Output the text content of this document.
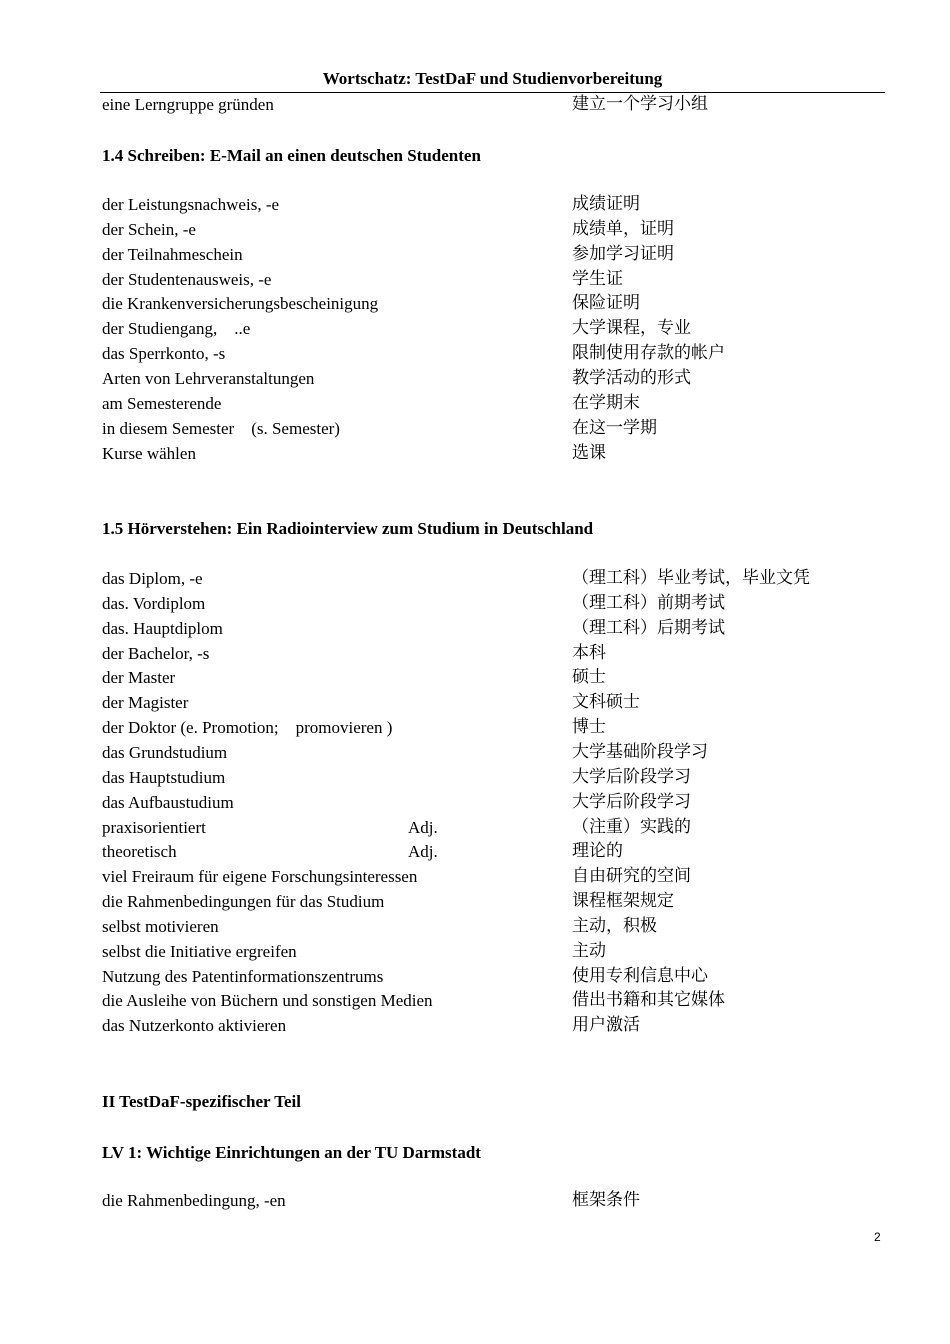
Wortschatz: TestDaF und Studienvorbereitung
eine Lerngruppe gründen	建立一个学习小组
1.4 Schreiben: E-Mail an einen deutschen Studenten
der Leistungsnachweis, -e	成绩证明
der Schein, -e	成绩单，证明
der Teilnahmeschein	参加学习证明
der Studentenausweis, -e	学生证
die Krankenversicherungsbescheinigung	保险证明
der Studiengang,    ..e	大学课程，专业
das Sperrkonto, -s	限制使用存款的帐户
Arten von Lehrveranstaltungen	教学活动的形式
am Semesterende	在学期末
in diesem Semester    (s. Semester)	在这一学期
Kurse wählen	选课
1.5 Hörverstehen: Ein Radiointerview zum Studium in Deutschland
das Diplom, -e	（理工科）毕业考试，毕业文凭
das. Vordiplom	（理工科）前期考试
das. Hauptdiplom	（理工科）后期考试
der Bachelor, -s	本科
der Master	硕士
der Magister	文科硕士
der Doktor (e. Promotion;    promovieren )	博士
das Grundstudium	大学基础阶段学习
das Hauptstudium	大学后阶段学习
das Aufbaustudium	大学后阶段学习
praxisorientiert	Adj.	（注重）实践的
theoretisch	Adj.	理论的
viel Freiraum für eigene Forschungsinteressen	自由研究的空间
die Rahmenbedingungen für das Studium	课程框架规定
selbst motivieren	主动，积极
selbst die Initiative ergreifen	主动
Nutzung des Patentinformationszentrums	使用专利信息中心
die Ausleihe von Büchern und sonstigen Medien	借出书籍和其它媒体
das Nutzerkonto aktivieren	用户激活
II TestDaF-spezifischer Teil
LV 1: Wichtige Einrichtungen an der TU Darmstadt
die Rahmenbedingung, -en	框架条件
2
